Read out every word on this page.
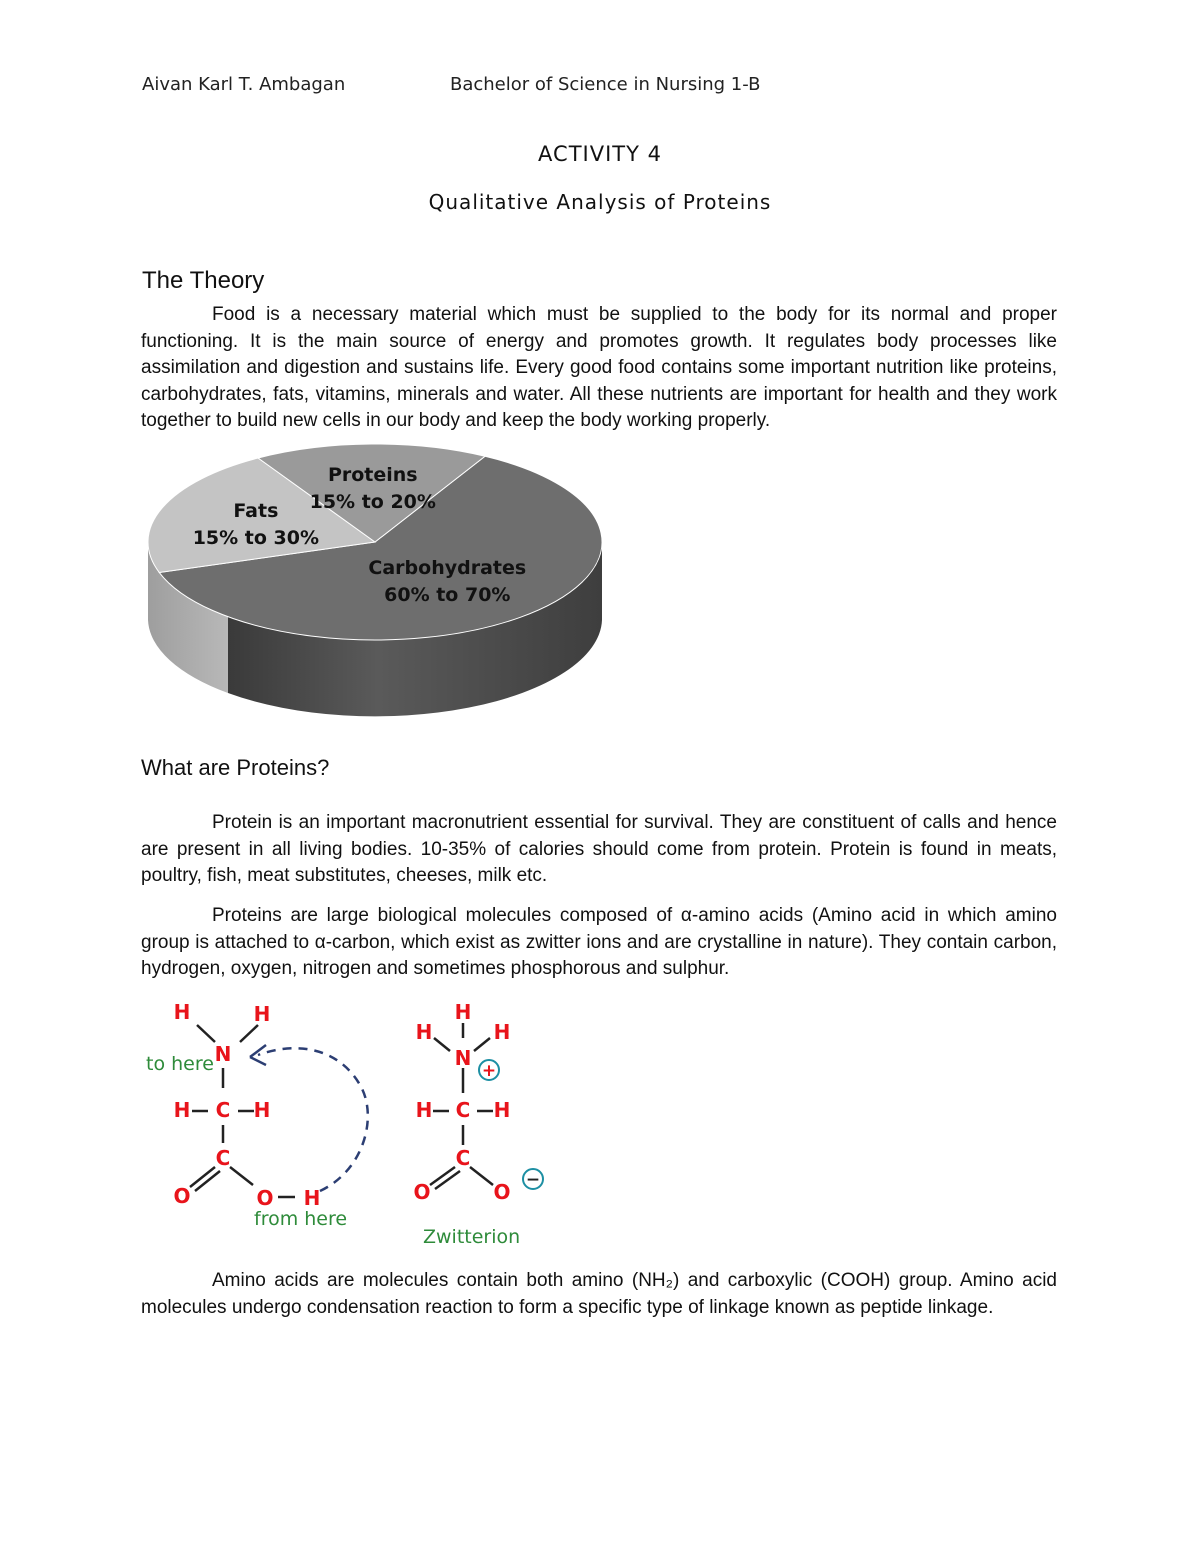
Aivan Karl T. Ambagan	Bachelor of Science in Nursing 1-B
ACTIVITY 4
Qualitative Analysis of Proteins
The Theory
Food is a necessary material which must be supplied to the body for its normal and proper functioning. It is the main source of energy and promotes growth. It regulates body processes like assimilation and digestion and sustains life. Every good food contains some important nutrition like proteins, carbohydrates, fats, vitamins, minerals and water. All these nutrients are important for health and they work together to build new cells in our body and keep the body working properly.
Carbohydrates
60% to 70%
Fats
15% to 30%
Proteins
15% to 20%
What are Proteins?
Protein is an important macronutrient essential for survival. They are constituent of calls and hence are present in all living bodies. 10-35% of calories should come from protein. Protein is found in meats, poultry, fish, meat substitutes, cheeses, milk etc.
Proteins are large biological molecules composed of α-amino acids (Amino acid in which amino group is attached to α-carbon, which exist as zwitter ions and are crystalline in nature). They contain carbon, hydrogen, oxygen, nitrogen and sometimes phosphorous and sulphur.
H	H
N
H C H
C
O	O H
H
H	H
N
H C H
C
O	O
to here
from here
Zwitterion
+
−
Amino acids are molecules contain both amino (NH₂) and carboxylic (COOH) group. Amino acid molecules undergo condensation reaction to form a specific type of linkage known as peptide linkage.
